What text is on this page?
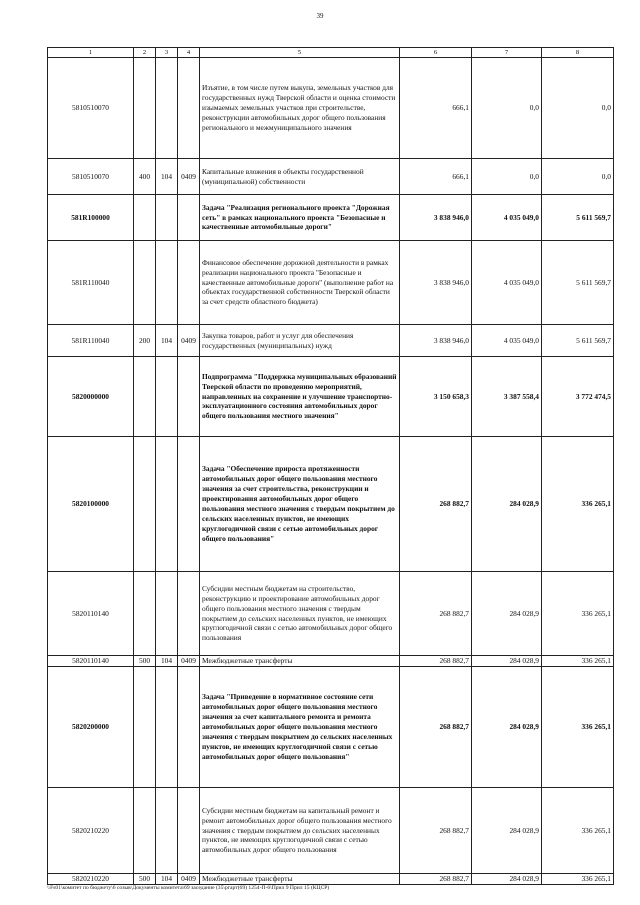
39
1	2	3	4	5	6	7	8
5810510070				Изъятие, в том числе путем выкупа, земельных участков для государственных нужд Тверской области и оценка стоимости изымаемых земельных участков при строительстве, реконструкции автомобильных дорог общего пользования регионального и межмуниципального значения	666,1	0,0	0,0
5810510070	400	104	0409	Капитальные вложения в объекты государственной (муниципальной) собственности	666,1	0,0	0,0
581R100000				Задача "Реализация регионального проекта "Дорожная сеть" в рамках национального проекта "Безопасные и качественные автомобильные дороги"	3 838 946,0	4 035 049,0	5 611 569,7
581R110040				Финансовое обеспечение дорожной деятельности в рамках реализации национального проекта "Безопасные и качественные автомобильные дороги" (выполнение работ на объектах государственной собственности Тверской области за счет средств областного бюджета)	3 838 946,0	4 035 049,0	5 611 569,7
581R110040	200	104	0409	Закупка товаров, работ и услуг для обеспечения государственных (муниципальных) нужд	3 838 946,0	4 035 049,0	5 611 569,7
5820000000				Подпрограмма "Поддержка муниципальных образований Тверской области по проведению мероприятий, направленных на сохранение и улучшение транспортно-эксплуатационного состояния автомобильных дорог общего пользования местного значения"	3 150 658,3	3 387 558,4	3 772 474,5
5820100000				Задача "Обеспечение прироста протяженности автомобильных дорог общего пользования местного значения за счет строительства, реконструкции и проектирования автомобильных дорог общего пользования местного значения с твердым покрытием до сельских населенных пунктов, не имеющих круглогодичной связи с сетью автомобильных дорог общего пользования"	268 882,7	284 028,9	336 265,1
5820110140				Субсидии местным бюджетам на строительство, реконструкцию и проектирование автомобильных дорог общего пользования местного значения с твердым покрытием до сельских населенных пунктов, не имеющих круглогодичной связи с сетью автомобильных дорог общего пользования	268 882,7	284 028,9	336 265,1
5820110140	500	104	0409	Межбюджетные трансферты	268 882,7	284 028,9	336 265,1
5820200000				Задача "Приведение в нормативное состояние сети автомобильных дорог общего пользования местного значения за счет капитального ремонта и ремонта автомобильных дорог общего пользования местного значения с твердым покрытием до сельских населенных пунктов, не имеющих круглогодичной связи с сетью автомобильных дорог общего пользования"	268 882,7	284 028,9	336 265,1
5820210220				Субсидии местным бюджетам на капитальный ремонт и ремонт автомобильных дорог общего пользования местного значения с твердым покрытием до сельских населенных пунктов, не имеющих круглогодичной связи с сетью автомобильных дорог общего пользования	268 882,7	284 028,9	336 265,1
5820210220	500	104	0409	Межбюджетные трансферты	268 882,7	284 028,9	336 265,1
\\Fs01\комитет по бюджету\6 созыв\Документы комитета\69 заседание (35\ргарт(69) 1254-П-6\Прил 9 Прил 15 (КЦСР)
